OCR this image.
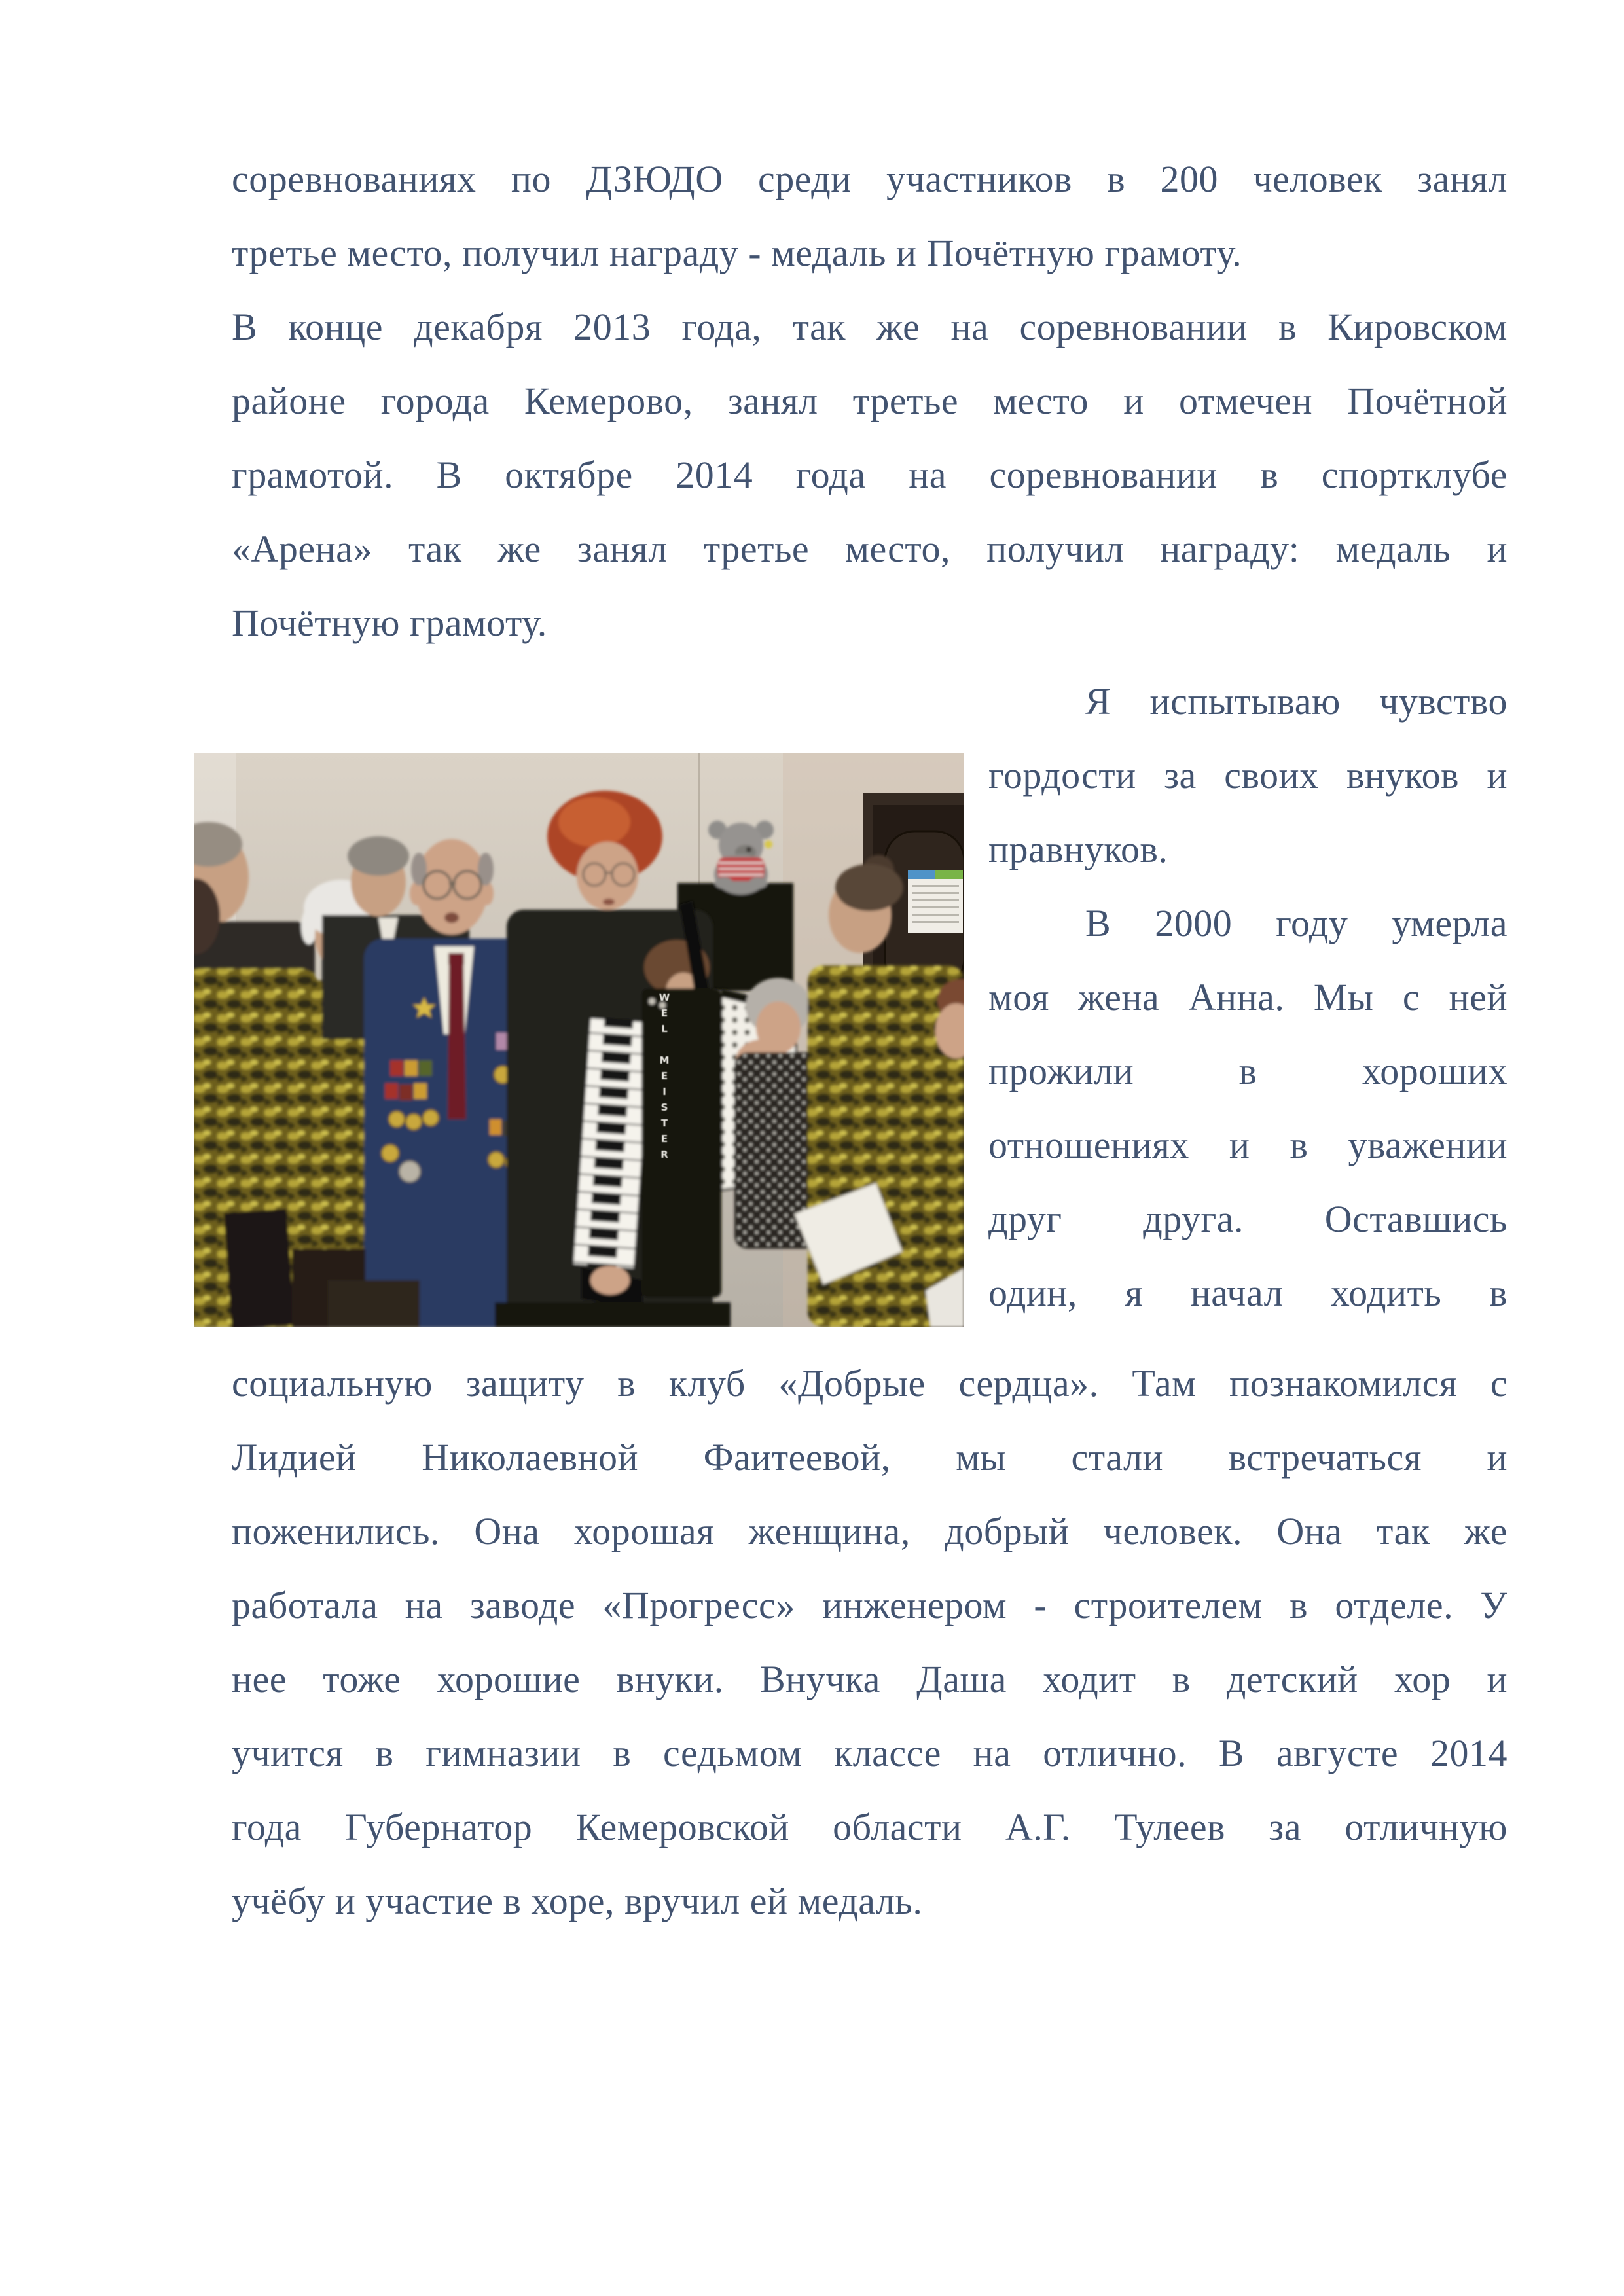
соревнованиях по ДЗЮДО среди участников в 200 человек занял
третье место, получил награду - медаль и Почётную грамоту.
В конце декабря 2013 года, так же на соревновании в Кировском
районе города Кемерово, занял третье место и отмечен Почётной
грамотой. В октябре 2014 года на соревновании в спортклубе
«Арена» так же занял третье место, получил награду: медаль и
Почётную грамоту.
WEL MEISTER
Я испытываю чувство
гордости за своих внуков и
правнуков.
В 2000 году умерла
моя жена Анна. Мы с ней
прожили в хороших
отношениях и в уважении
друг друга. Оставшись
один, я начал ходить в
социальную защиту в клуб «Добрые сердца». Там познакомился с
Лидией Николаевной Фаитеевой, мы стали встречаться и
поженились. Она хорошая женщина, добрый человек. Она так же
работала на заводе «Прогресс» инженером - строителем в отделе. У
нее тоже хорошие внуки. Внучка Даша ходит в детский хор и
учится в гимназии в седьмом классе на отлично. В августе 2014
года Губернатор Кемеровской области А.Г. Тулеев за отличную
учёбу и участие в хоре, вручил ей медаль.
